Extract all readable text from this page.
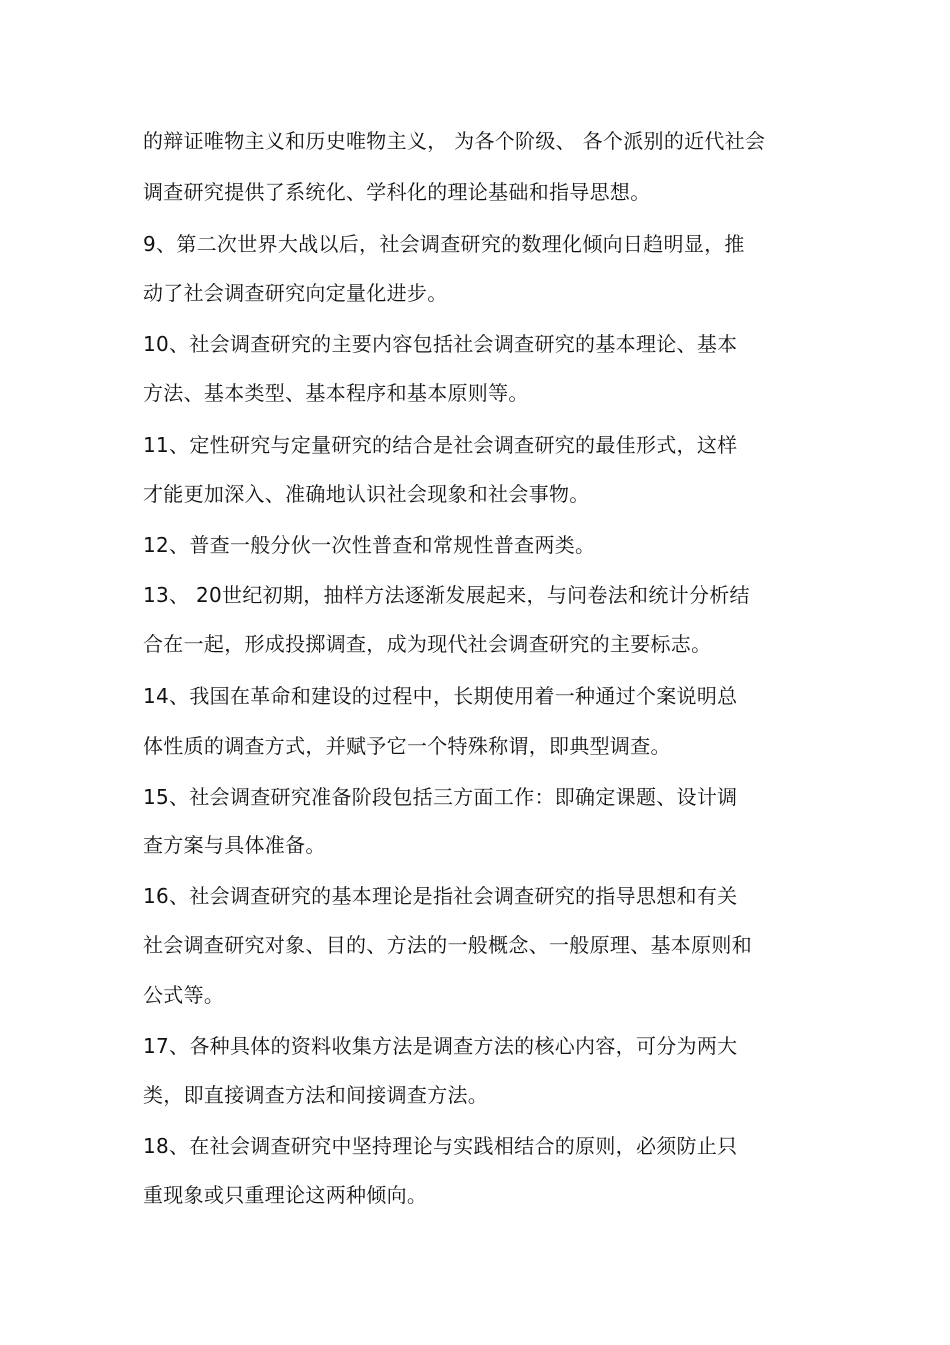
的辩证唯物主义和历史唯物主义， 为各个阶级、 各个派别的近代社会
调查研究提供了系统化、学科化的理论基础和指导思想。
9、第二次世界大战以后，社会调查研究的数理化倾向日趋明显，推
动了社会调查研究向定量化进步。
10、社会调查研究的主要内容包括社会调查研究的基本理论、基本
方法、基本类型、基本程序和基本原则等。
11、定性研究与定量研究的结合是社会调查研究的最佳形式，这样
才能更加深入、准确地认识社会现象和社会事物。
12、普查一般分伙一次性普查和常规性普查两类。
13、 20世纪初期，抽样方法逐渐发展起来，与问卷法和统计分析结
合在一起，形成投掷调查，成为现代社会调查研究的主要标志。
14、我国在革命和建设的过程中，长期使用着一种通过个案说明总
体性质的调查方式，并赋予它一个特殊称谓，即典型调查。
15、社会调查研究准备阶段包括三方面工作：即确定课题、设计调
查方案与具体准备。
16、社会调查研究的基本理论是指社会调查研究的指导思想和有关
社会调查研究对象、目的、方法的一般概念、一般原理、基本原则和
公式等。
17、各种具体的资料收集方法是调查方法的核心内容，可分为两大
类，即直接调查方法和间接调查方法。
18、在社会调查研究中坚持理论与实践相结合的原则，必须防止只
重现象或只重理论这两种倾向。
